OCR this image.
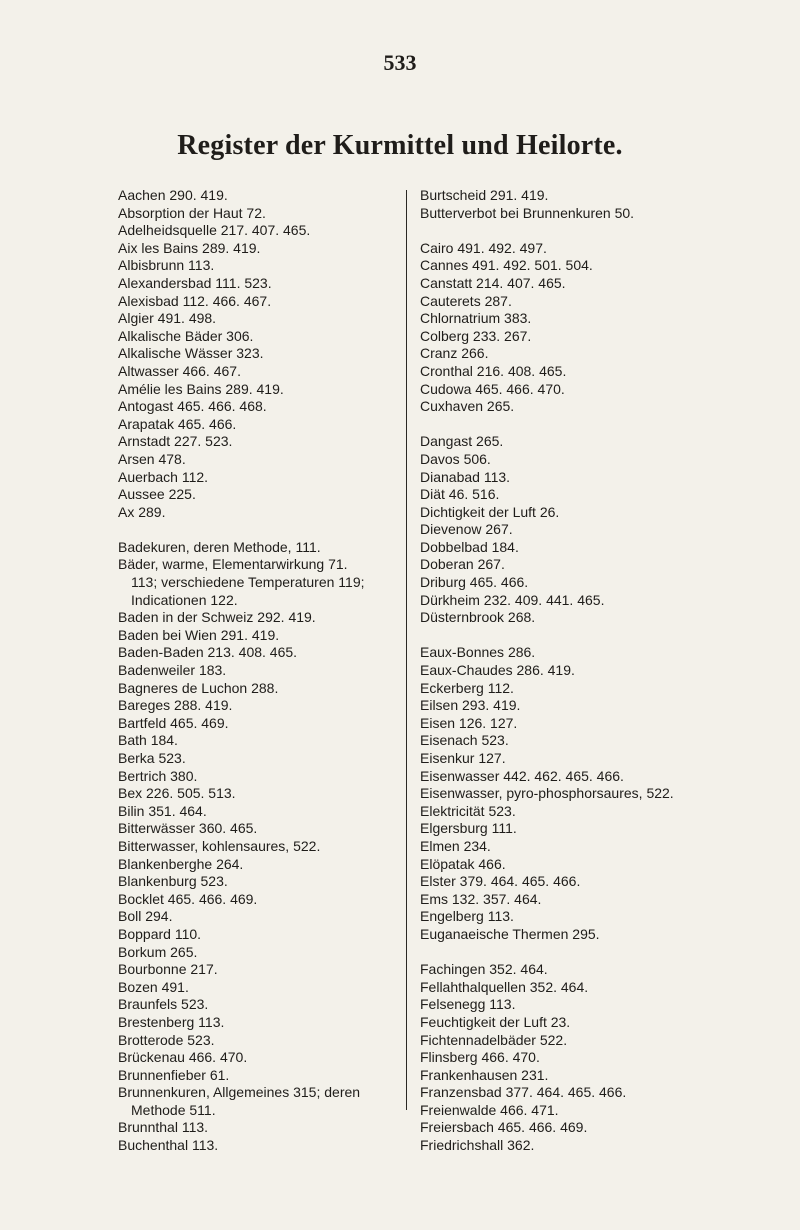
533
Register der Kurmittel und Heilorte.
Aachen 290. 419.
Absorption der Haut 72.
Adelheidsquelle 217. 407. 465.
Aix les Bains 289. 419.
Albisbrunn 113.
Alexandersbad 111. 523.
Alexisbad 112. 466. 467.
Algier 491. 498.
Alkalische Bäder 306.
Alkalische Wässer 323.
Altwasser 466. 467.
Amélie les Bains 289. 419.
Antogast 465. 466. 468.
Arapatak 465. 466.
Arnstadt 227. 523.
Arsen 478.
Auerbach 112.
Aussee 225.
Ax 289.
Badekuren, deren Methode, 111.
Bäder, warme, Elementarwirkung 71.
113; verschiedene Temperaturen 119;
Indicationen 122.
Baden in der Schweiz 292. 419.
Baden bei Wien 291. 419.
Baden-Baden 213. 408. 465.
Badenweiler 183.
Bagneres de Luchon 288.
Bareges 288. 419.
Bartfeld 465. 469.
Bath 184.
Berka 523.
Bertrich 380.
Bex 226. 505. 513.
Bilin 351. 464.
Bitterwässer 360. 465.
Bitterwasser, kohlensaures, 522.
Blankenberghe 264.
Blankenburg 523.
Bocklet 465. 466. 469.
Boll 294.
Boppard 110.
Borkum 265.
Bourbonne 217.
Bozen 491.
Braunfels 523.
Brestenberg 113.
Brotterode 523.
Brückenau 466. 470.
Brunnenfieber 61.
Brunnenkuren, Allgemeines 315; deren
Methode 511.
Brunnthal 113.
Buchenthal 113.
Burtscheid 291. 419.
Butterverbot bei Brunnenkuren 50.
Cairo 491. 492. 497.
Cannes 491. 492. 501. 504.
Canstatt 214. 407. 465.
Cauterets 287.
Chlornatrium 383.
Colberg 233. 267.
Cranz 266.
Cronthal 216. 408. 465.
Cudowa 465. 466. 470.
Cuxhaven 265.
Dangast 265.
Davos 506.
Dianabad 113.
Diät 46. 516.
Dichtigkeit der Luft 26.
Dievenow 267.
Dobbelbad 184.
Doberan 267.
Driburg 465. 466.
Dürkheim 232. 409. 441. 465.
Düsternbrook 268.
Eaux-Bonnes 286.
Eaux-Chaudes 286. 419.
Eckerberg 112.
Eilsen 293. 419.
Eisen 126. 127.
Eisenach 523.
Eisenkur 127.
Eisenwasser 442. 462. 465. 466.
Eisenwasser, pyro-phosphorsaures, 522.
Elektricität 523.
Elgersburg 111.
Elmen 234.
Elöpatak 466.
Elster 379. 464. 465. 466.
Ems 132. 357. 464.
Engelberg 113.
Euganaeische Thermen 295.
Fachingen 352. 464.
Fellahthalquellen 352. 464.
Felsenegg 113.
Feuchtigkeit der Luft 23.
Fichtennadelbäder 522.
Flinsberg 466. 470.
Frankenhausen 231.
Franzensbad 377. 464. 465. 466.
Freienwalde 466. 471.
Freiersbach 465. 466. 469.
Friedrichshall 362.
